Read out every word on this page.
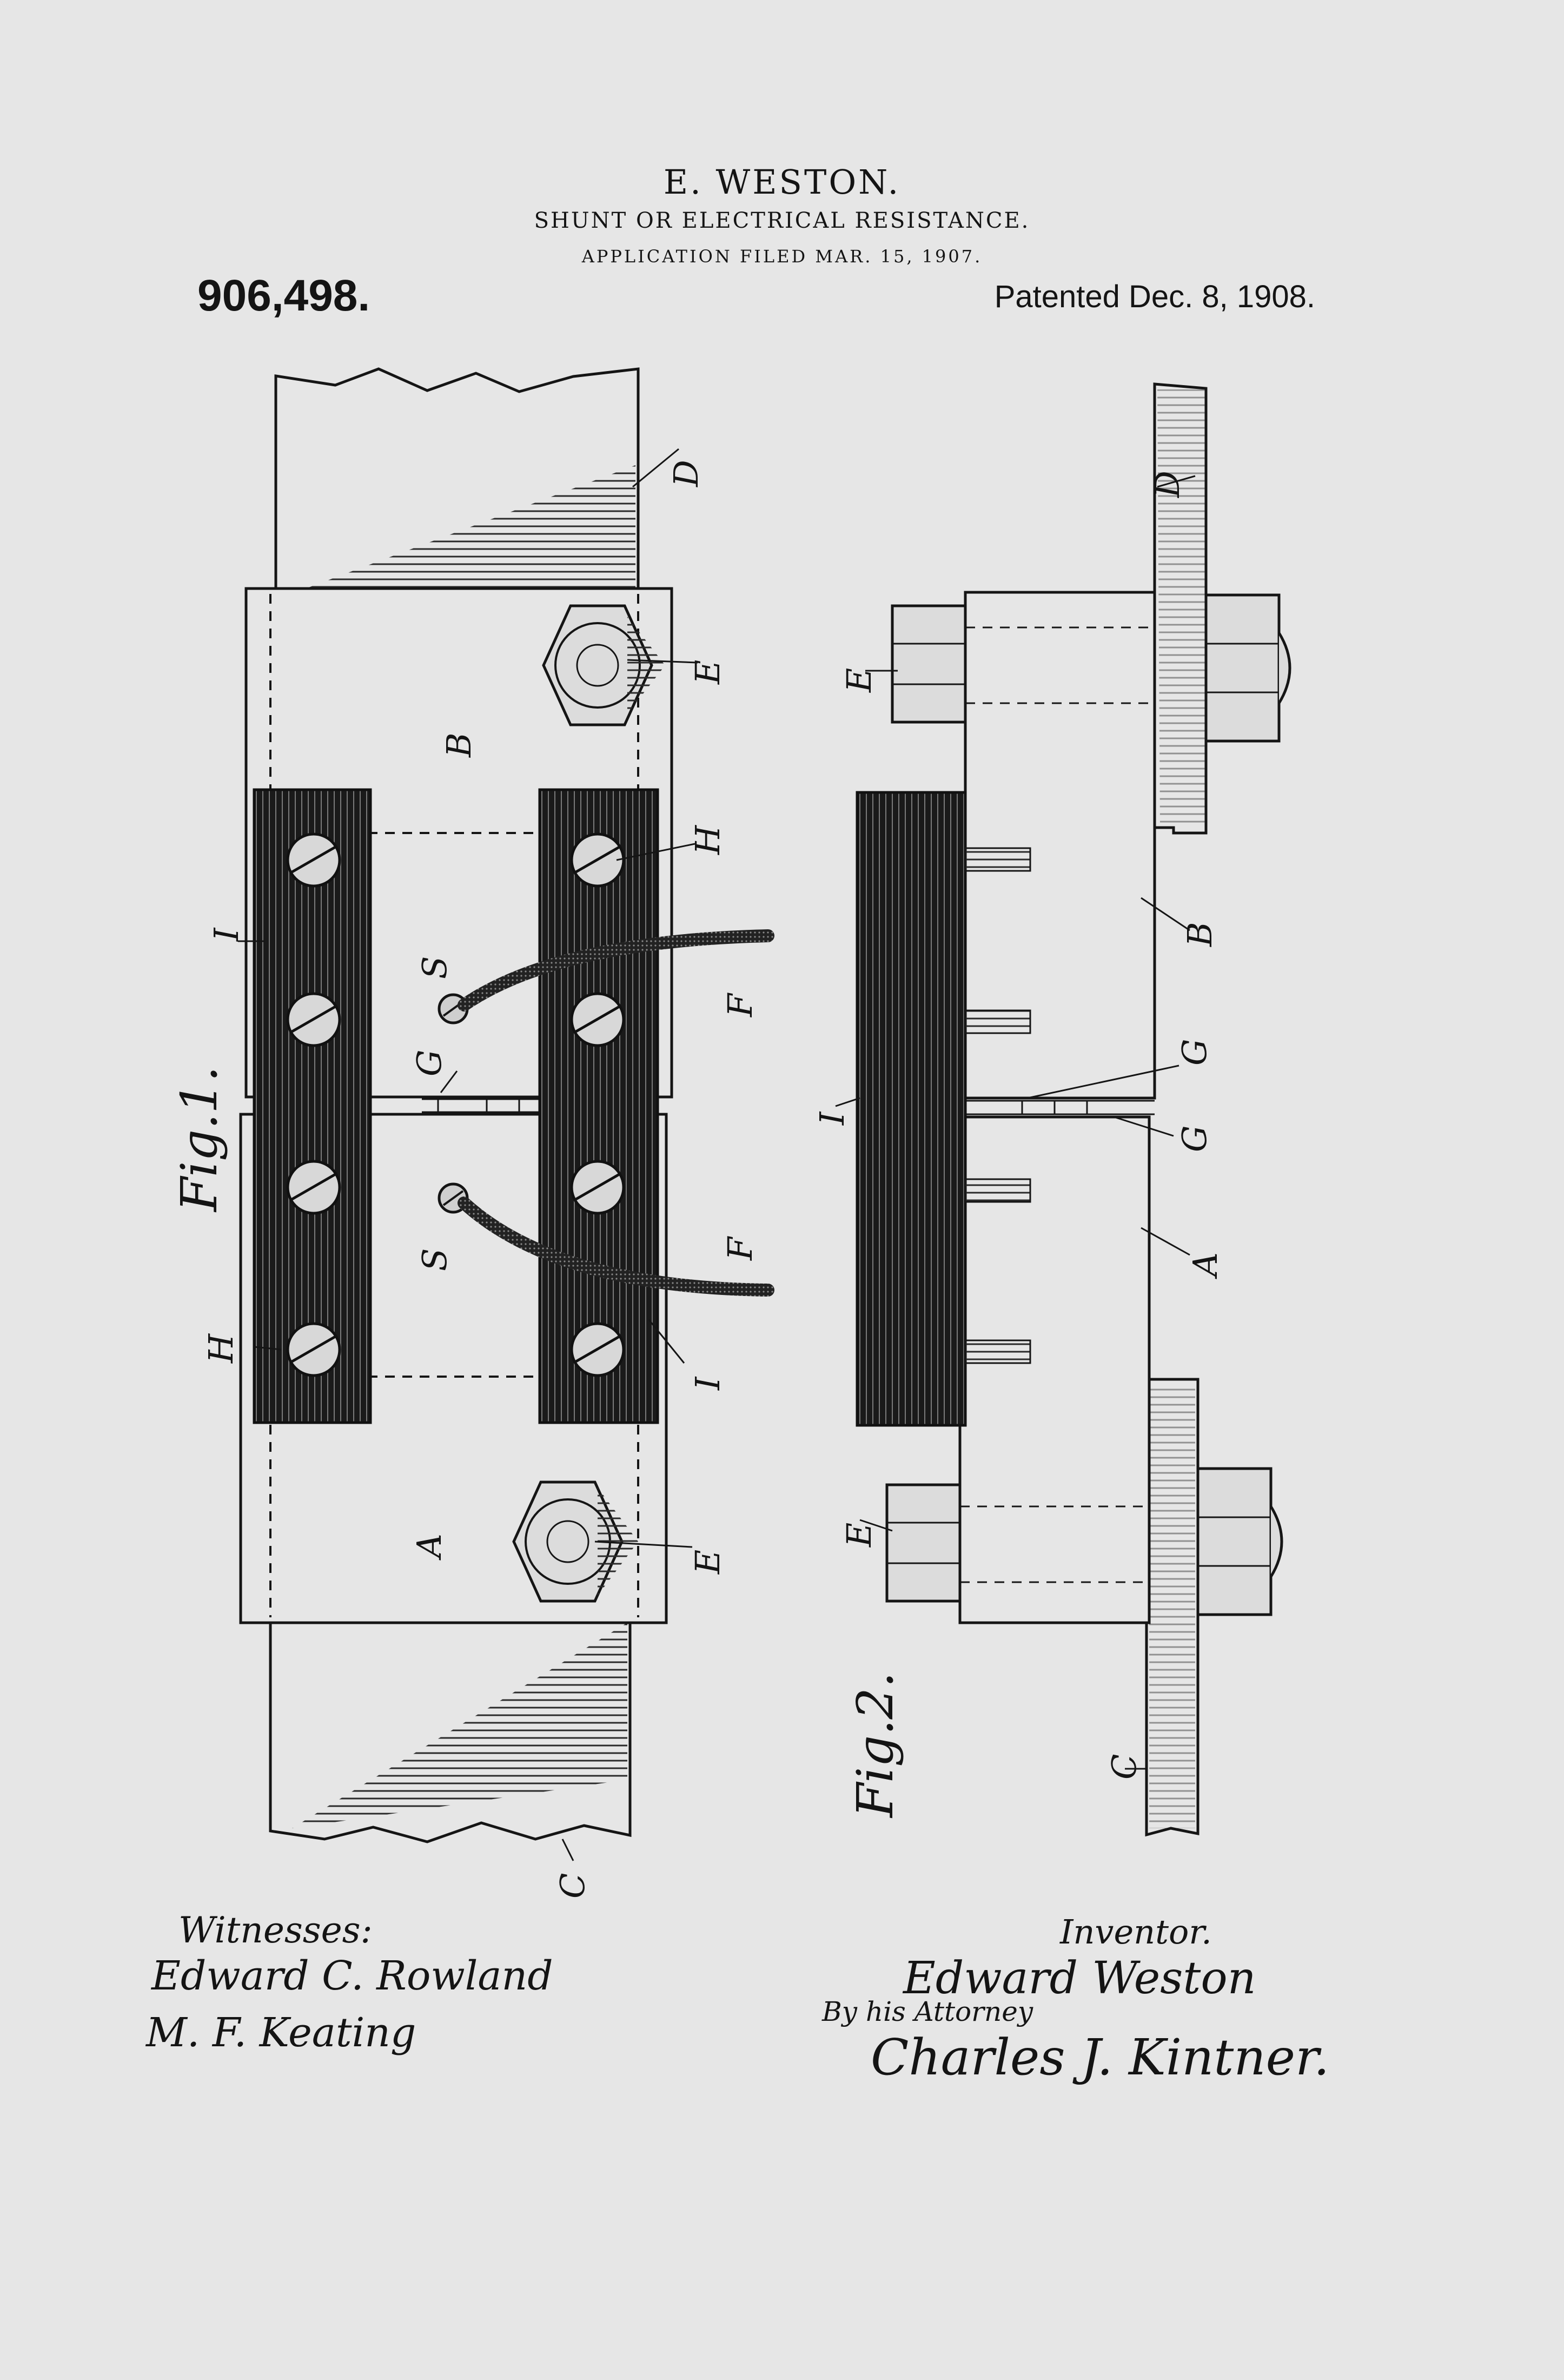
E. WESTON.
SHUNT OR ELECTRICAL RESISTANCE.
APPLICATION FILED MAR. 15, 1907.
906,498.	Patented Dec. 8, 1908.
D
E
B
H
I
S
F
G
S	F
H
I
A
E
C
D
E
B
G
I
G
A
E
C
Fig.1.
Fig.2.
Witnesses:
Edward C. Rowland
M. F. Keating
Inventor.
Edward Weston
By his Attorney
Charles J. Kintner.
